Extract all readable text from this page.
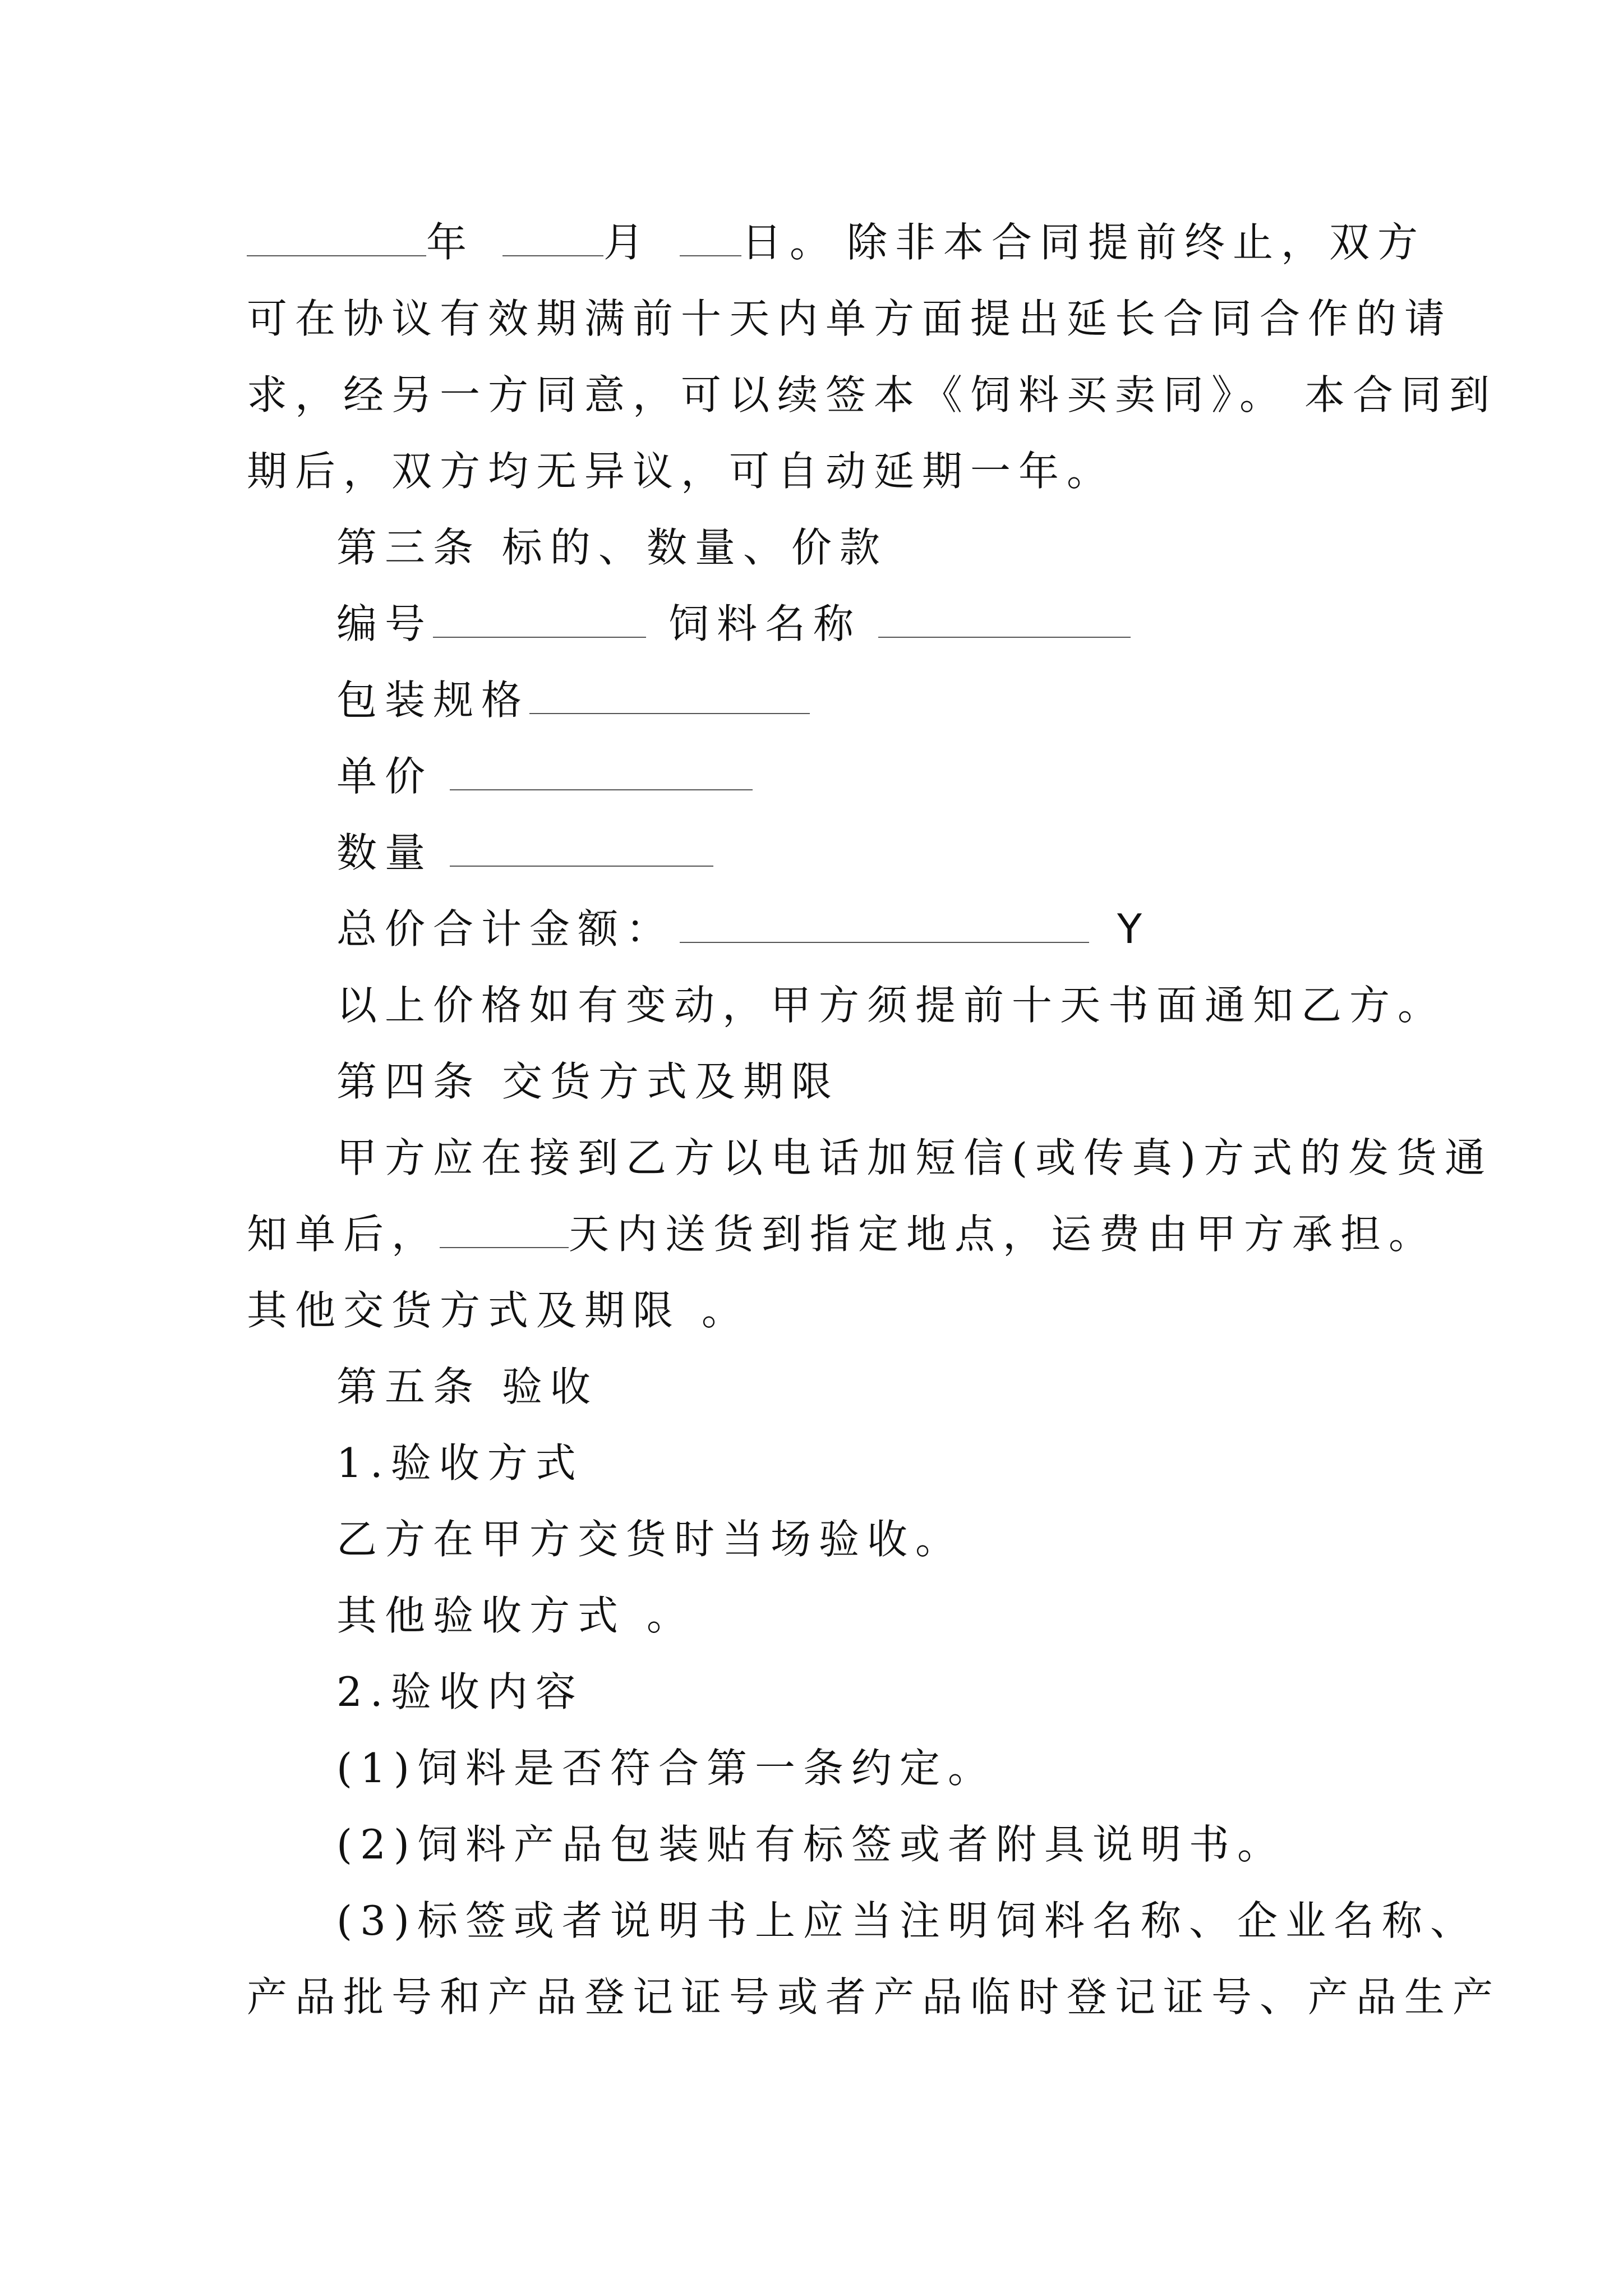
年	月 日。 除非本合同提前终止，双方
可在协议有效期满前十天内单方面提出延长合同合作的请
求，经另一方同意，可以续签本《饲料买卖同》。 本合同到
期后，双方均无异议，可自动延期一年。
第三条 标的、数量、价款
编号	饲料名称
包装规格
单价
数量
总价合计金额：	Y
以上价格如有变动，甲方须提前十天书面通知乙方。
第四条 交货方式及期限
甲方应在接到乙方以电话加短信(或传真)方式的发货通
知单后，	天内送货到指定地点，运费由甲方承担。
其他交货方式及期限 。
第五条 验收
1.验收方式
乙方在甲方交货时当场验收。
其他验收方式 。
2.验收内容
(1)饲料是否符合第一条约定。
(2)饲料产品包装贴有标签或者附具说明书。
(3)标签或者说明书上应当注明饲料名称、企业名称、
产品批号和产品登记证号或者产品临时登记证号、产品生产
